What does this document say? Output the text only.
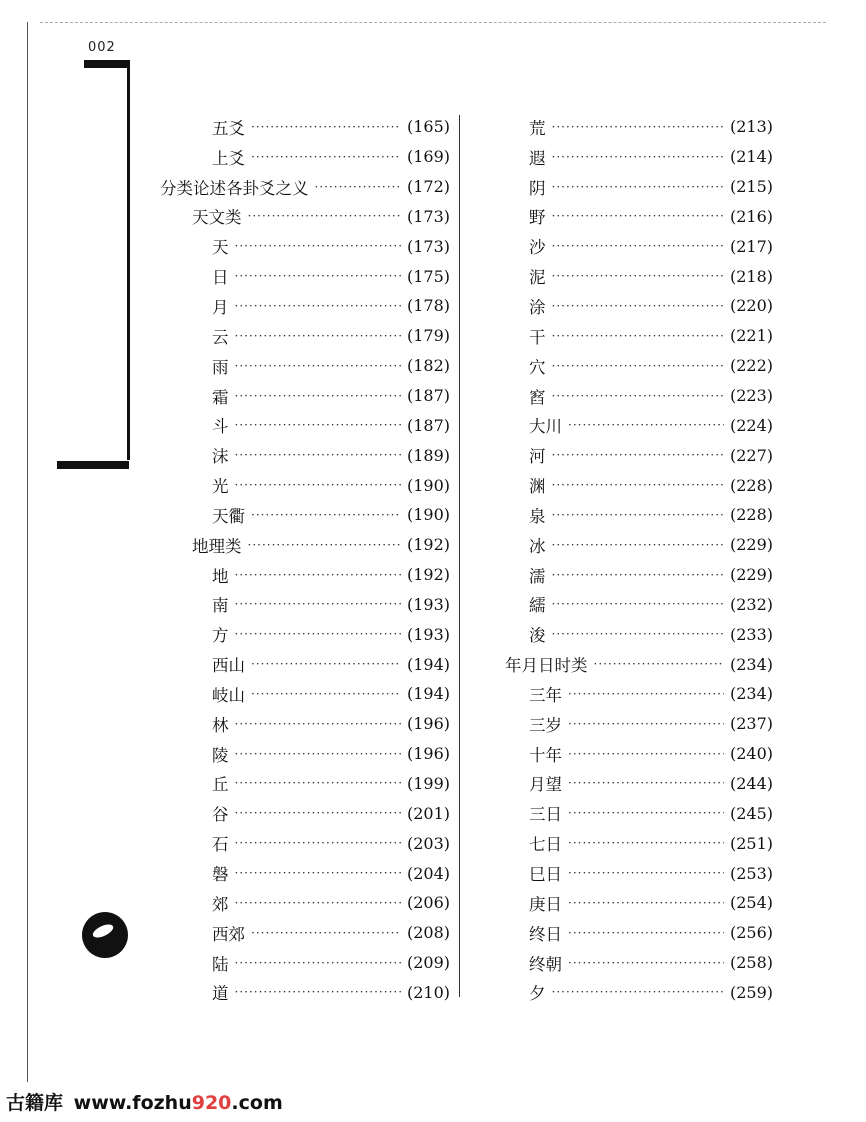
002
五爻 ·····	(165)
上爻 ·····	(169)
分类论述各卦爻之义 ·····	(172)
天文类 ·····	(173)
天 ·····	(173)
日 ·····	(175)
月 ·····	(178)
云 ·····	(179)
雨 ·····	(182)
霜 ·····	(187)
斗 ·····	(187)
沫 ·····	(189)
光 ·····	(190)
天衢 ·····	(190)
地理类 ·····	(192)
地 ·····	(192)
南 ·····	(193)
方 ·····	(193)
西山 ·····	(194)
岐山 ·····	(194)
林 ·····	(196)
陵 ·····	(196)
丘 ·····	(199)
谷 ·····	(201)
石 ·····	(203)
磐 ·····	(204)
郊 ·····	(206)
西郊 ·····	(208)
陆 ·····	(209)
道 ·····	(210)
荒 ·····	(213)
遐 ·····	(214)
阴 ·····	(215)
野 ·····	(216)
沙 ·····	(217)
泥 ·····	(218)
涂 ·····	(220)
干 ·····	(221)
穴 ·····	(222)
窞 ·····	(223)
大川 ·····	(224)
河 ·····	(227)
渊 ·····	(228)
泉 ·····	(228)
冰 ·····	(229)
濡 ·····	(229)
繻 ·····	(232)
浚 ·····	(233)
年月日时类 ·····	(234)
三年 ·····	(234)
三岁 ·····	(237)
十年 ·····	(240)
月望 ·····	(244)
三日 ·····	(245)
七日 ·····	(251)
巳日 ·····	(253)
庚日 ·····	(254)
终日 ·····	(256)
终朝 ·····	(258)
夕 ·····	(259)
古籍库 www.fozhu920.com
